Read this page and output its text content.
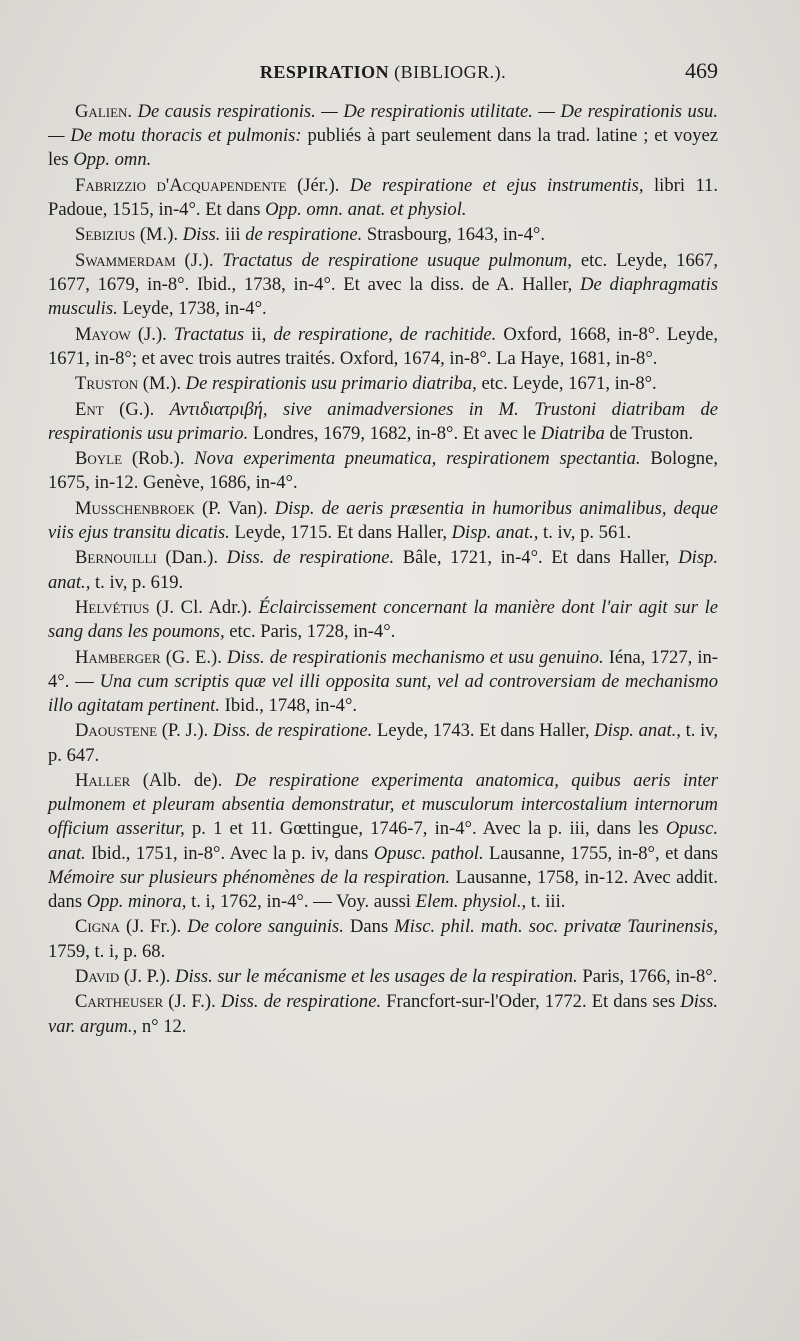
RESPIRATION (BIBLIOGR.).	469

Galien. De causis respirationis. — De respirationis utilitate. — De respirationis usu. — De motu thoracis et pulmonis: publiés à part seulement dans la trad. latine ; et voyez les Opp. omn.

Fabrizzio d'Acquapendente (Jér.). De respiratione et ejus instrumentis, libri 11. Padoue, 1515, in-4°. Et dans Opp. omn. anat. et physiol.

Sebizius (M.). Diss. iii de respiratione. Strasbourg, 1643, in-4°.

Swammerdam (J.). Tractatus de respiratione usuque pulmonum, etc. Leyde, 1667, 1677, 1679, in-8°. Ibid., 1738, in-4°. Et avec la diss. de A. Haller, De diaphragmatis musculis. Leyde, 1738, in-4°.

Mayow (J.). Tractatus ii, de respiratione, de rachitide. Oxford, 1668, in-8°. Leyde, 1671, in-8°; et avec trois autres traités. Oxford, 1674, in-8°. La Haye, 1681, in-8°.

Truston (M.). De respirationis usu primario diatriba, etc. Leyde, 1671, in-8°.

Ent (G.). Αντιδιατριβή, sive animadversiones in M. Trustoni diatribam de respirationis usu primario. Londres, 1679, 1682, in-8°. Et avec le Diatriba de Truston.

Boyle (Rob.). Nova experimenta pneumatica, respirationem spectantia. Bologne, 1675, in-12. Genève, 1686, in-4°.

Musschenbroek (P. Van). Disp. de aeris præsentia in humoribus animalibus, deque viis ejus transitu dicatis. Leyde, 1715. Et dans Haller, Disp. anat., t. iv, p. 561.

Bernouilli (Dan.). Diss. de respiratione. Bâle, 1721, in-4°. Et dans Haller, Disp. anat., t. iv, p. 619.

Helvétius (J. Cl. Adr.). Éclaircissement concernant la manière dont l'air agit sur le sang dans les poumons, etc. Paris, 1728, in-4°.

Hamberger (G. E.). Diss. de respirationis mechanismo et usu genuino. Iéna, 1727, in-4°. — Una cum scriptis quæ vel illi opposita sunt, vel ad controversiam de mechanismo illo agitatam pertinent. Ibid., 1748, in-4°.

Daoustene (P. J.). Diss. de respiratione. Leyde, 1743. Et dans Haller, Disp. anat., t. iv, p. 647.

Haller (Alb. de). De respiratione experimenta anatomica, quibus aeris inter pulmonem et pleuram absentia demonstratur, et musculorum intercostalium internorum officium asseritur, p. 1 et 11. Gœttingue, 1746-7, in-4°. Avec la p. iii, dans les Opusc. anat. Ibid., 1751, in-8°. Avec la p. iv, dans Opusc. pathol. Lausanne, 1755, in-8°, et dans Mémoire sur plusieurs phénomènes de la respiration. Lausanne, 1758, in-12. Avec addit. dans Opp. minora, t. i, 1762, in-4°. — Voy. aussi Elem. physiol., t. iii.

Cigna (J. Fr.). De colore sanguinis. Dans Misc. phil. math. soc. privatæ Taurinensis, 1759, t. i, p. 68.

David (J. P.). Diss. sur le mécanisme et les usages de la respiration. Paris, 1766, in-8°.

Cartheuser (J. F.). Diss. de respiratione. Francfort-sur-l'Oder, 1772. Et dans ses Diss. var. argum., n° 12.
